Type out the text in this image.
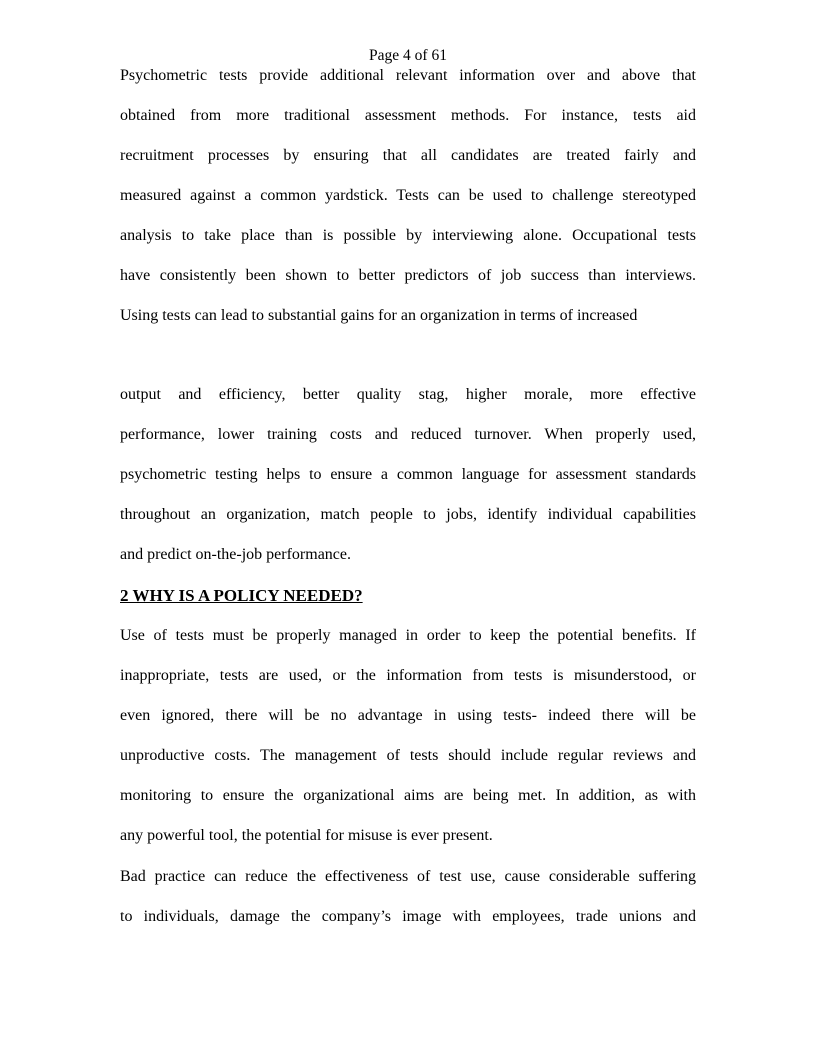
Page 4 of 61
Psychometric tests provide additional relevant information over and above that
obtained from more traditional assessment methods. For instance, tests aid
recruitment processes by ensuring that all candidates are treated fairly and
measured against a common yardstick. Tests can be used to challenge stereotyped
analysis to take place than is possible by interviewing alone. Occupational tests
have consistently been shown to better predictors of job success than interviews.
Using tests can lead to substantial gains for an organization in terms of increased
output and efficiency, better quality stag, higher morale, more effective
performance, lower training costs and reduced turnover. When properly used,
psychometric testing helps to ensure a common language for assessment standards
throughout an organization, match people to jobs, identify individual capabilities
and predict on-the-job performance.
2 WHY IS A POLICY NEEDED?
Use of tests must be properly managed in order to keep the potential benefits. If
inappropriate, tests are used, or the information from tests is misunderstood, or
even ignored, there will be no advantage in using tests- indeed there will be
unproductive costs. The management of tests should include regular reviews and
monitoring to ensure the organizational aims are being met. In addition, as with
any powerful tool, the potential for misuse is ever present.
Bad practice can reduce the effectiveness of test use, cause considerable suffering
to individuals, damage the company’s image with employees, trade unions and
